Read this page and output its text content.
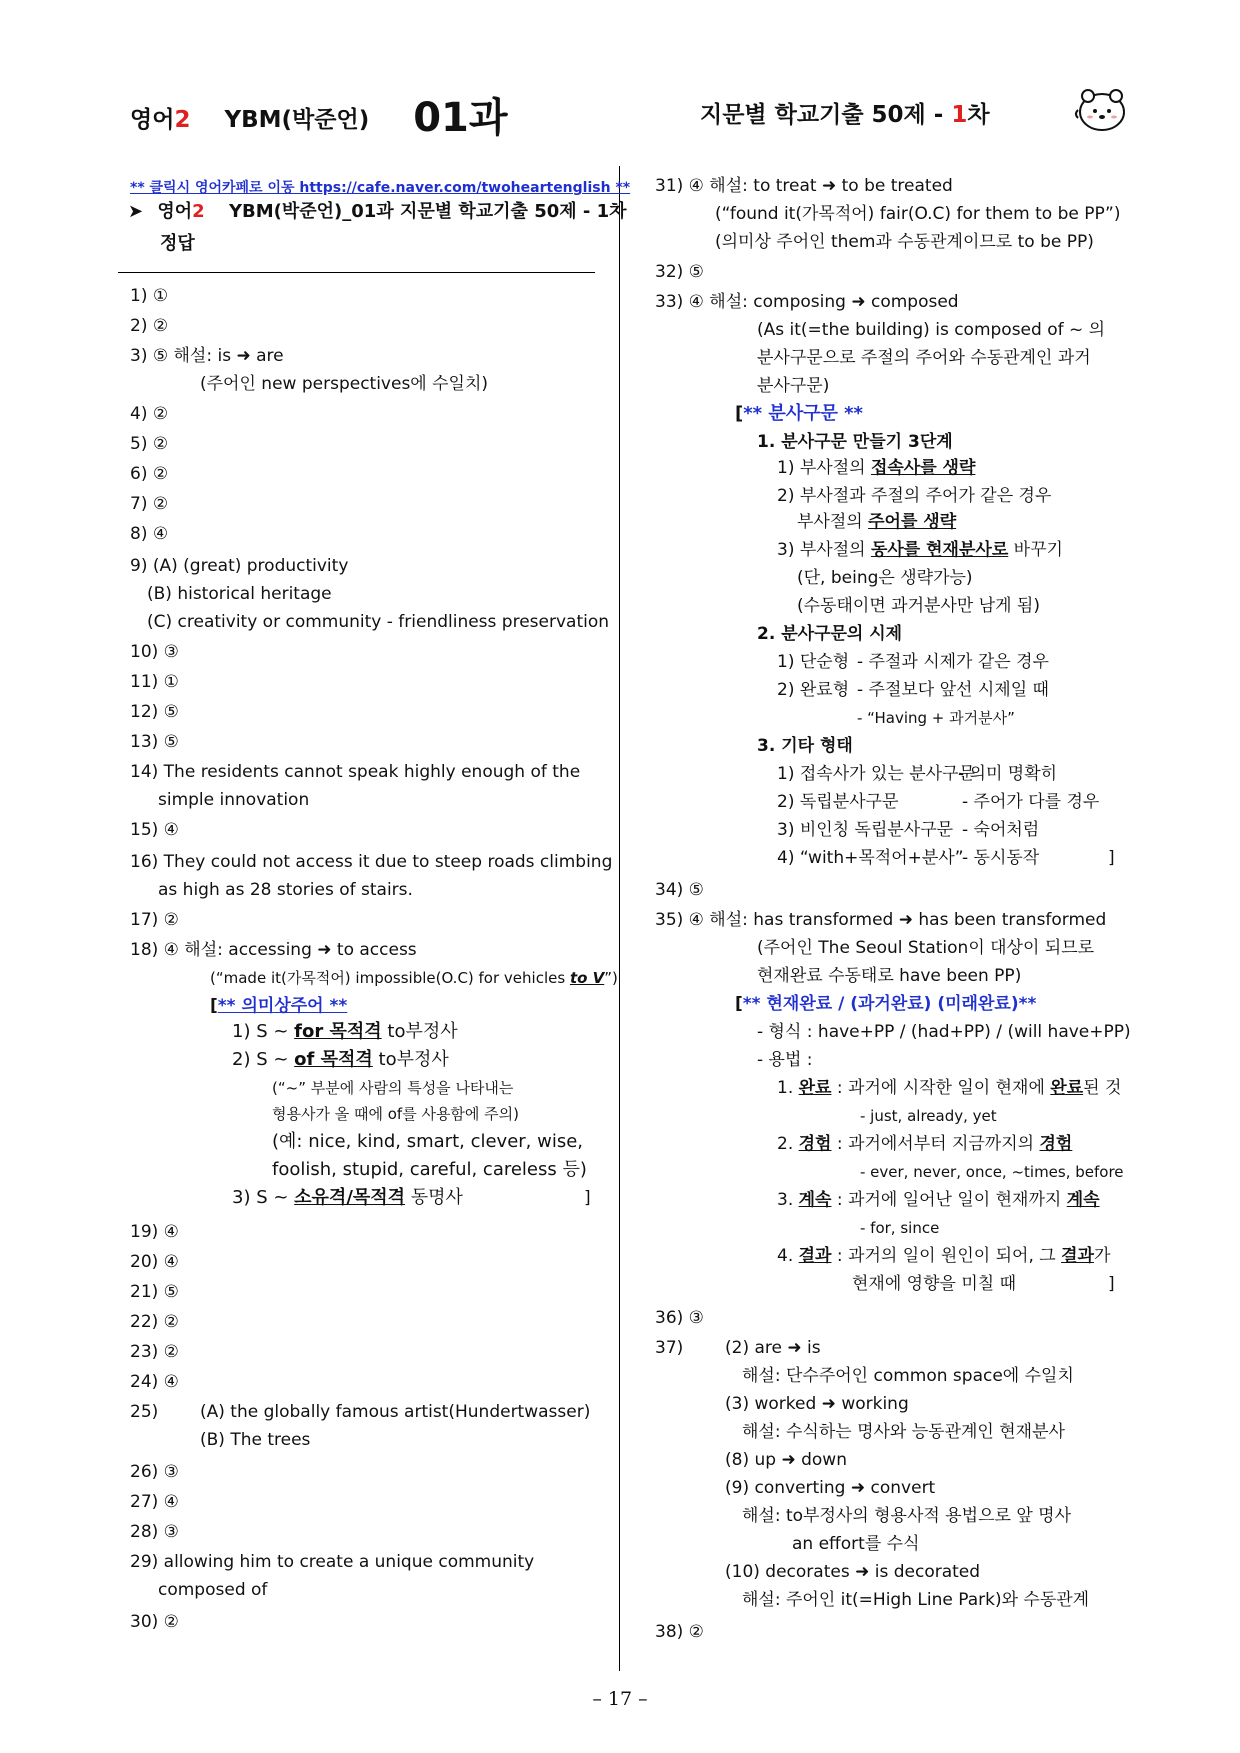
영어2 YBM(박준언) 01과	지문별 학교기출 50제 - 1차
** 클릭시 영어카페로 이동 https://cafe.naver.com/twoheartenglish **
➤ 영어2 YBM(박준언)_01과 지문별 학교기출 50제 - 1차
정답
1) ①
2) ②
3) ⑤ 해설: is ➜ are
(주어인 new perspectives에 수일치)
4) ②
5) ②
6) ②
7) ②
8) ④
9) (A) (great) productivity
(B) historical heritage
(C) creativity or community - friendliness preservation
10) ③
11) ①
12) ⑤
13) ⑤
14) The residents cannot speak highly enough of the
simple innovation
15) ④
16) They could not access it due to steep roads climbing
as high as 28 stories of stairs.
17) ②
18) ④ 해설: accessing ➜ to access
(“made it(가목적어) impossible(O.C) for vehicles to V”)
[** 의미상주어 **
1) S ~ for 목적격 to부정사
2) S ~ of 목적격 to부정사
(“~” 부분에 사람의 특성을 나타내는
형용사가 올 때에 of를 사용함에 주의)
(예: nice, kind, smart, clever, wise,
foolish, stupid, careful, careless 등)
3) S ~ 소유격/목적격 동명사	]
19) ④
20) ④
21) ⑤
22) ②
23) ②
24) ④
25) (A) the globally famous artist(Hundertwasser)
(B) The trees
26) ③
27) ④
28) ③
29) allowing him to create a unique community
composed of
30) ②
31) ④ 해설: to treat ➜ to be treated
(“found it(가목적어) fair(O.C) for them to be PP”)
(의미상 주어인 them과 수동관계이므로 to be PP)
32) ⑤
33) ④ 해설: composing ➜ composed
(As it(=the building) is composed of ~ 의
분사구문으로 주절의 주어와 수동관계인 과거
분사구문)
[** 분사구문 **
1. 분사구문 만들기 3단계
1) 부사절의 접속사를 생략
2) 부사절과 주절의 주어가 같은 경우
부사절의 주어를 생략
3) 부사절의 동사를 현재분사로 바꾸기
(단, being은 생략가능)
(수동태이면 과거분사만 남게 됨)
2. 분사구문의 시제
1) 단순형 - 주절과 시제가 같은 경우
2) 완료형 - 주절보다 앞선 시제일 때
- “Having + 과거분사”
3. 기타 형태
1) 접속사가 있는 분사구문
- 의미 명확히
2) 독립분사구문	- 주어가 다를 경우
3) 비인칭 독립분사구문 - 숙어처럼
4) “with+목적어+분사”
- 동시동작	]
34) ⑤
35) ④ 해설: has transformed ➜ has been transformed
(주어인 The Seoul Station이 대상이 되므로
현재완료 수동태로 have been PP)
[** 현재완료 / (과거완료) (미래완료)**
- 형식 : have+PP / (had+PP) / (will have+PP)
- 용법 :
1. 완료 : 과거에 시작한 일이 현재에 완료된 것
- just, already, yet
2. 경험 : 과거에서부터 지금까지의 경험
- ever, never, once, ~times, before
3. 계속 : 과거에 일어난 일이 현재까지 계속
- for, since
4. 결과 : 과거의 일이 원인이 되어, 그 결과가
현재에 영향을 미칠 때	]
36) ③
37) (2) are ➜ is
해설: 단수주어인 common space에 수일치
(3) worked ➜ working
해설: 수식하는 명사와 능동관계인 현재분사
(8) up ➜ down
(9) converting ➜ convert
해설: to부정사의 형용사적 용법으로 앞 명사
an effort를 수식
(10) decorates ➜ is decorated
해설: 주어인 it(=High Line Park)와 수동관계
38) ②
– 17 –
